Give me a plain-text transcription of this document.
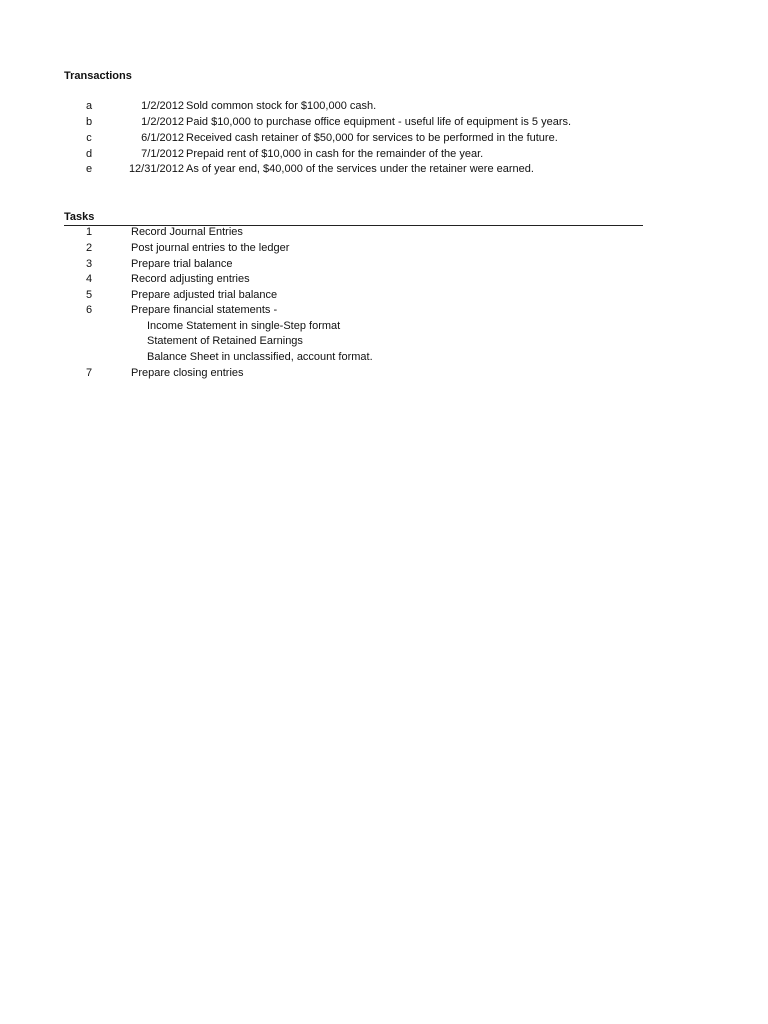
Transactions
a	1/2/2012 Sold common stock for $100,000 cash.
b	1/2/2012 Paid $10,000 to purchase office equipment - useful life of equipment is 5 years.
c	6/1/2012 Received cash retainer of $50,000 for services to be performed in the future.
d	7/1/2012 Prepaid rent of $10,000 in cash for the remainder of the year.
e	12/31/2012 As of year end, $40,000 of the services under the retainer were earned.
Tasks
1	Record Journal Entries
2	Post journal entries to the ledger
3	Prepare trial balance
4	Record adjusting entries
5	Prepare adjusted trial balance
6	Prepare financial statements -
Income Statement in single-Step format
Statement of Retained Earnings
Balance Sheet in unclassified, account format.
7	Prepare closing entries
